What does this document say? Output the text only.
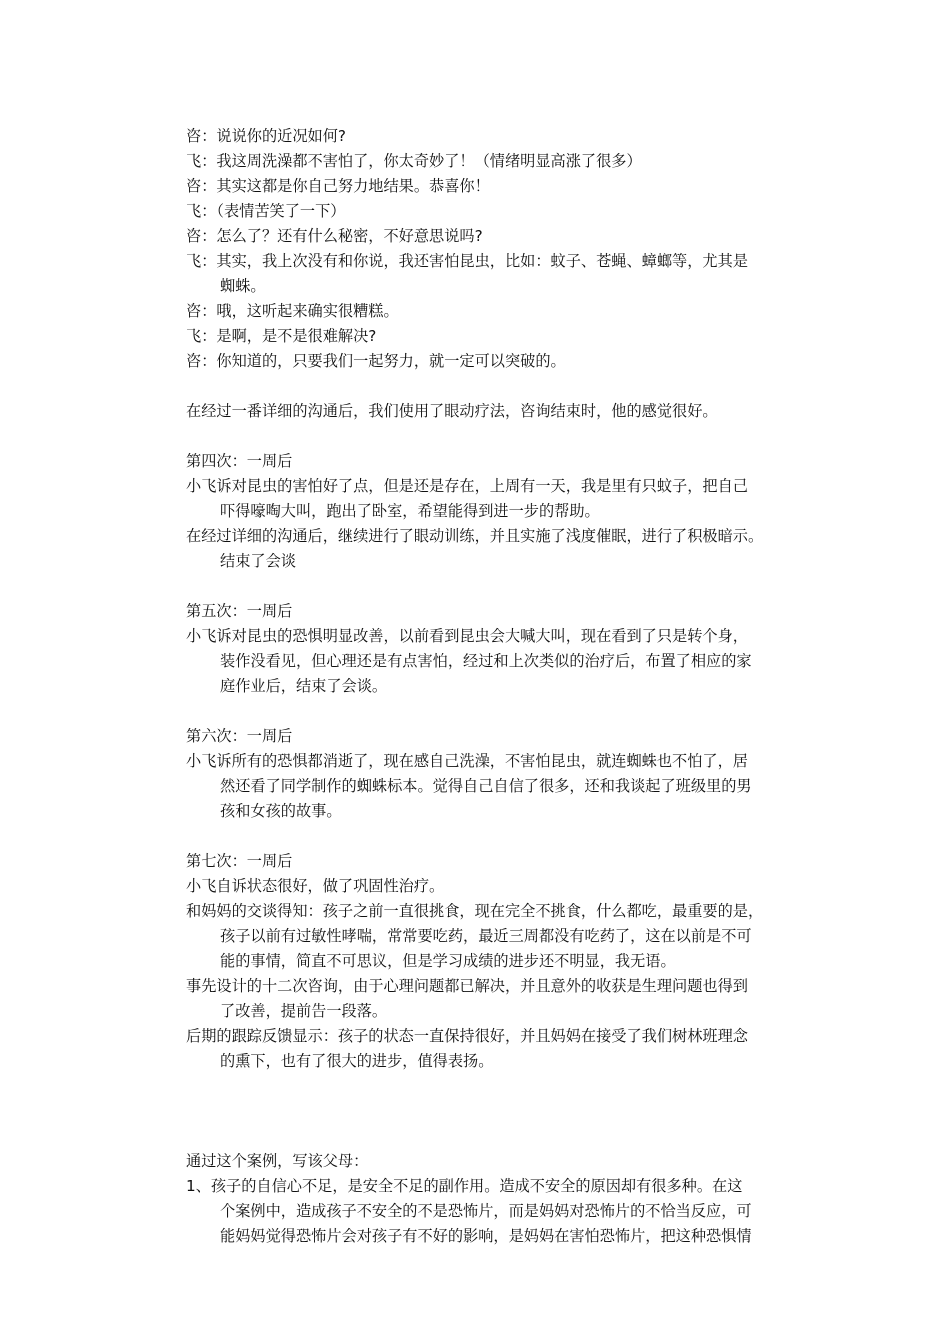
咨：说说你的近况如何?
飞：我这周洗澡都不害怕了，你太奇妙了！（情绪明显高涨了很多）
咨：其实这都是你自己努力地结果。恭喜你！
飞：（表情苦笑了一下）
咨：怎么了？还有什么秘密，不好意思说吗?
飞：其实，我上次没有和你说，我还害怕昆虫，比如：蚊子、苍蝇、蟑螂等，尤其是
蜘蛛。
咨：哦，这听起来确实很糟糕。
飞：是啊，是不是很难解决?
咨：你知道的，只要我们一起努力，就一定可以突破的。
在经过一番详细的沟通后，我们使用了眼动疗法，咨询结束时，他的感觉很好。
第四次：一周后
小飞诉对昆虫的害怕好了点，但是还是存在，上周有一天，我是里有只蚊子，把自己
吓得嚎啕大叫，跑出了卧室，希望能得到进一步的帮助。
在经过详细的沟通后，继续进行了眼动训练，并且实施了浅度催眠，进行了积极暗示。
结束了会谈
第五次：一周后
小飞诉对昆虫的恐惧明显改善，以前看到昆虫会大喊大叫，现在看到了只是转个身，
装作没看见，但心理还是有点害怕，经过和上次类似的治疗后，布置了相应的家
庭作业后，结束了会谈。
第六次：一周后
小飞诉所有的恐惧都消逝了，现在感自己洗澡，不害怕昆虫，就连蜘蛛也不怕了，居
然还看了同学制作的蜘蛛标本。觉得自己自信了很多，还和我谈起了班级里的男
孩和女孩的故事。
第七次：一周后
小飞自诉状态很好，做了巩固性治疗。
和妈妈的交谈得知：孩子之前一直很挑食，现在完全不挑食，什么都吃，最重要的是，
孩子以前有过敏性哮喘，常常要吃药，最近三周都没有吃药了，这在以前是不可
能的事情，简直不可思议，但是学习成绩的进步还不明显，我无语。
事先设计的十二次咨询，由于心理问题都已解决，并且意外的收获是生理问题也得到
了改善，提前告一段落。
后期的跟踪反馈显示：孩子的状态一直保持很好，并且妈妈在接受了我们树林班理念
的熏下，也有了很大的进步，值得表扬。
通过这个案例，写该父母：
1、孩子的自信心不足，是安全不足的副作用。造成不安全的原因却有很多种。在这
个案例中，造成孩子不安全的不是恐怖片，而是妈妈对恐怖片的不恰当反应，可
能妈妈觉得恐怖片会对孩子有不好的影响，是妈妈在害怕恐怖片，把这种恐惧情
